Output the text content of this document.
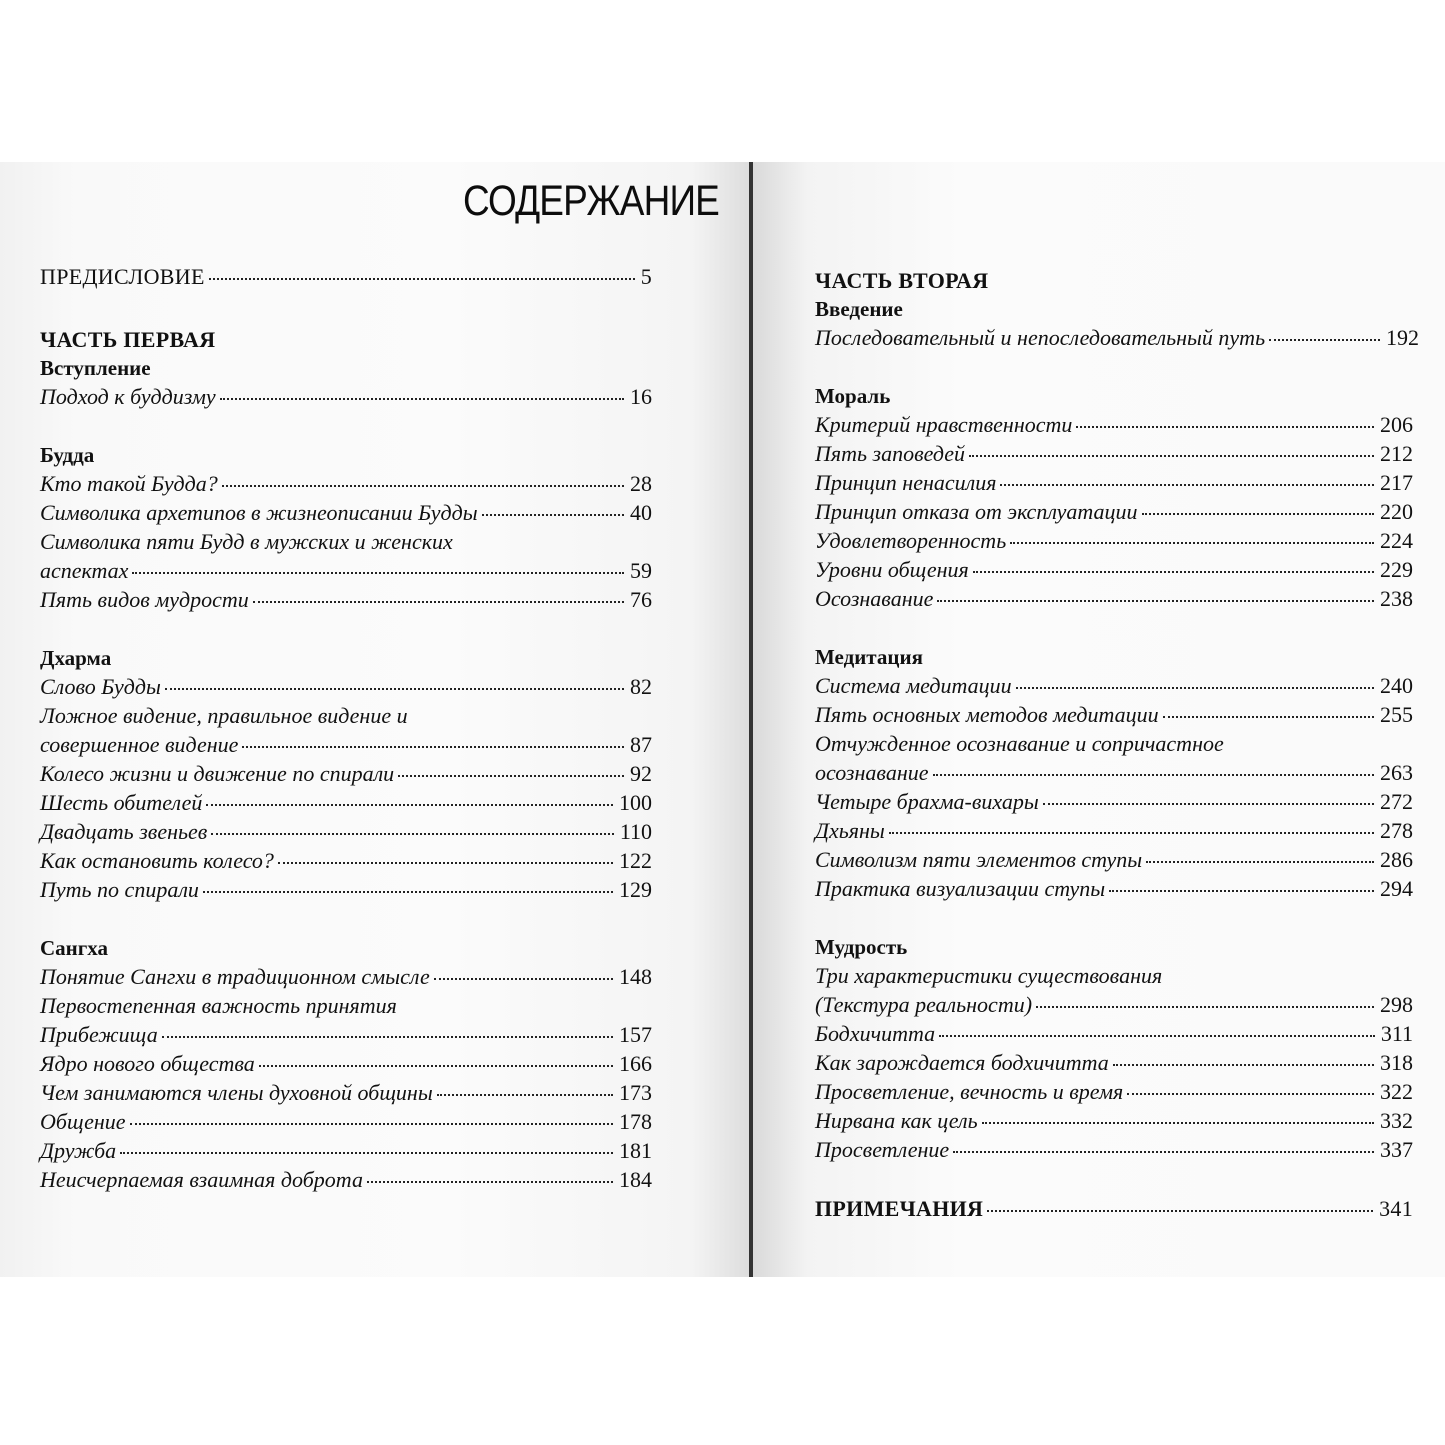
СОДЕРЖАНИЕ
ПРЕДИСЛОВИЕ	5
ЧАСТЬ ПЕРВАЯ
Вступление
Подход к буддизму	16
Будда
Кто такой Будда?	28
Символика архетипов в жизнеописании Будды	40
Символика пяти Будд в мужских и женских
аспектах	59
Пять видов мудрости	76
Дхарма
Слово Будды	82
Ложное видение, правильное видение и
совершенное видение	87
Колесо жизни и движение по спирали	92
Шесть обителей	100
Двадцать звеньев	110
Как остановить колесо?	122
Путь по спирали	129
Сангха
Понятие Сангхи в традиционном смысле	148
Первостепенная важность принятия
Прибежища	157
Ядро нового общества	166
Чем занимаются члены духовной общины	173
Общение	178
Дружба	181
Неисчерпаемая взаимная доброта	184
ЧАСТЬ ВТОРАЯ
Введение
Последовательный и непоследовательный путь	192
Мораль
Критерий нравственности	206
Пять заповедей	212
Принцип ненасилия	217
Принцип отказа от эксплуатации	220
Удовлетворенность	224
Уровни общения	229
Осознавание	238
Медитация
Система медитации	240
Пять основных методов медитации	255
Отчужденное осознавание и сопричастное
осознавание	263
Четыре брахма-вихары	272
Дхьяны	278
Символизм пяти элементов ступы	286
Практика визуализации ступы	294
Мудрость
Три характеристики существования
(Текстура реальности)	298
Бодхичитта	311
Как зарождается бодхичитта	318
Просветление, вечность и время	322
Нирвана как цель	332
Просветление	337
ПРИМЕЧАНИЯ	341
